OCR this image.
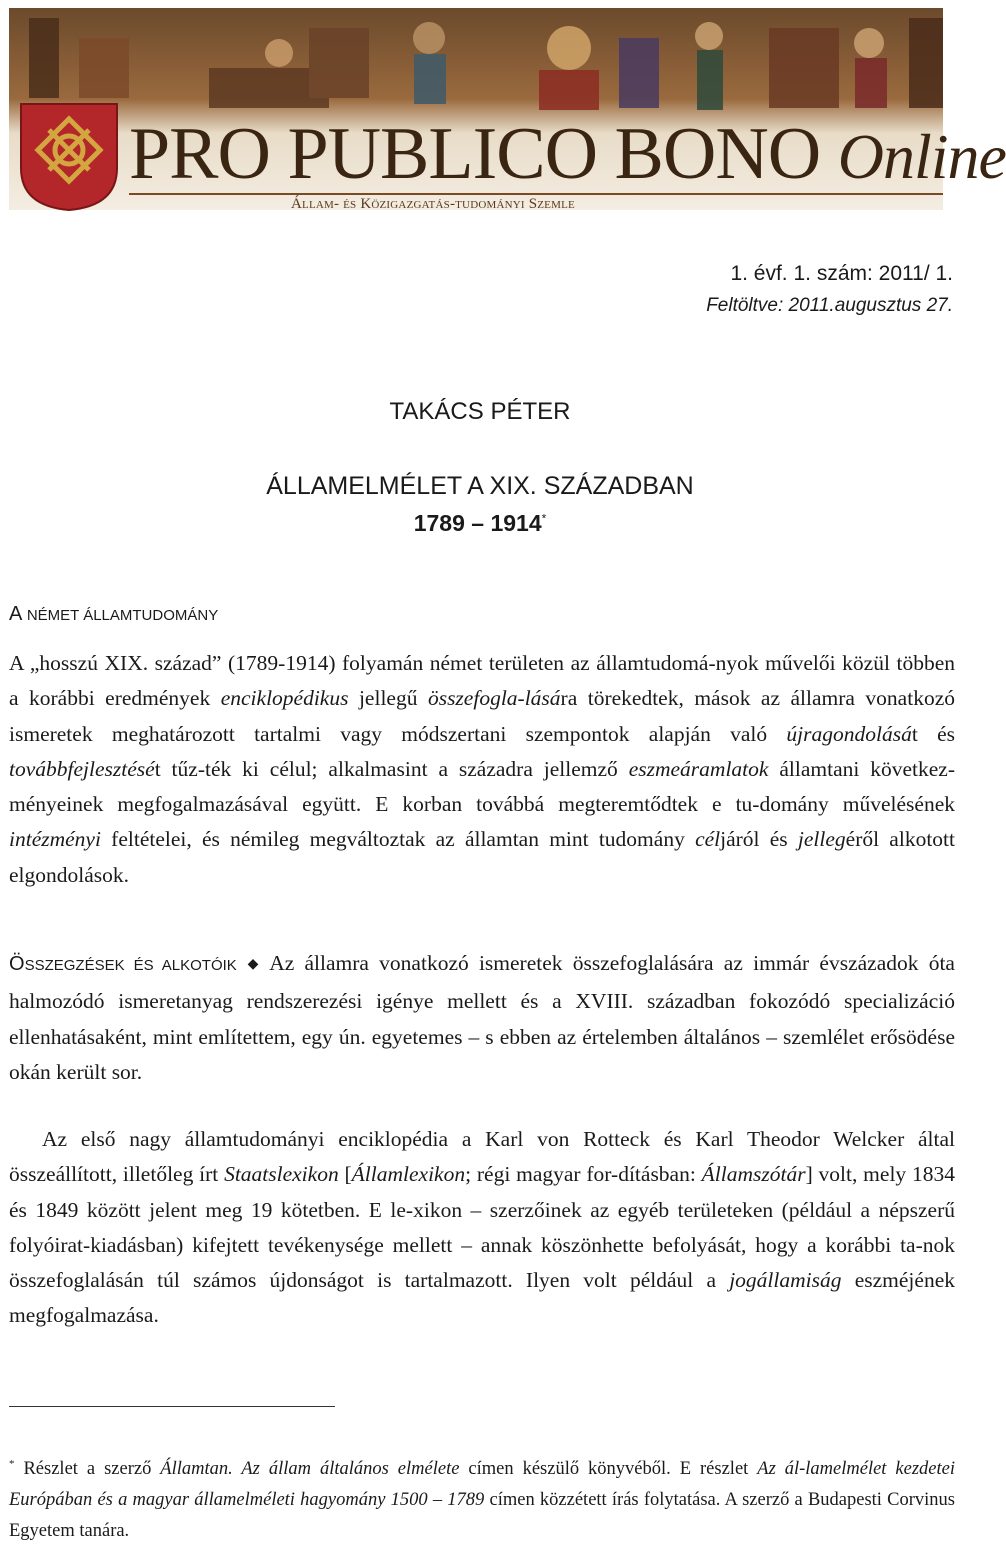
PRO PUBLICO BONO Online
Állam- és Közigazgatás-tudományi Szemle
1. évf. 1. szám: 2011/ 1.
Feltöltve: 2011.augusztus 27.
TAKÁCS PÉTER
ÁLLAMELMÉLET A XIX. SZÁZADBAN
1789 – 1914*
A NÉMET ÁLLAMTUDOMÁNY

A „hosszú XIX. század” (1789-1914) folyamán német területen az államtudomá-nyok művelői közül többen a korábbi eredmények enciklopédikus jellegű összefogla-lására törekedtek, mások az államra vonatkozó ismeretek meghatározott tartalmi vagy módszertani szempontok alapján való újragondolását és továbbfejlesztését tűz-ték ki célul; alkalmasint a századra jellemző eszmeáramlatok államtani következ-ményeinek megfogalmazásával együtt. E korban továbbá megteremtődtek e tu-domány művelésének intézményi feltételei, és némileg megváltoztak az államtan mint tudomány céljáról és jellegéről alkotott elgondolások.

ÖSSZEGZÉSEK ÉS ALKOTÓIK ◆ Az államra vonatkozó ismeretek összefoglalására az immár évszázadok óta halmozódó ismeretanyag rendszerezési igénye mellett és a XVIII. században fokozódó specializáció ellenhatásaként, mint említettem, egy ún. egyetemes – s ebben az értelemben általános – szemlélet erősödése okán került sor.

Az első nagy államtudományi enciklopédia a Karl von Rotteck és Karl Theodor Welcker által összeállított, illetőleg írt Staatslexikon [Államlexikon; régi magyar for-dításban: Államszótár] volt, mely 1834 és 1849 között jelent meg 19 kötetben. E le-xikon – szerzőinek az egyéb területeken (például a népszerű folyóirat-kiadásban) kifejtett tevékenysége mellett – annak köszönhette befolyását, hogy a korábbi ta-nok összefoglalásán túl számos újdonságot is tartalmazott. Ilyen volt például a jogállamiság eszméjének megfogalmazása.

* Részlet a szerző Államtan. Az állam általános elmélete címen készülő könyvéből. E részlet Az ál-lamelmélet kezdetei Európában és a magyar államelméleti hagyomány 1500 – 1789 címen közzétett írás folytatása. A szerző a Budapesti Corvinus Egyetem tanára.
